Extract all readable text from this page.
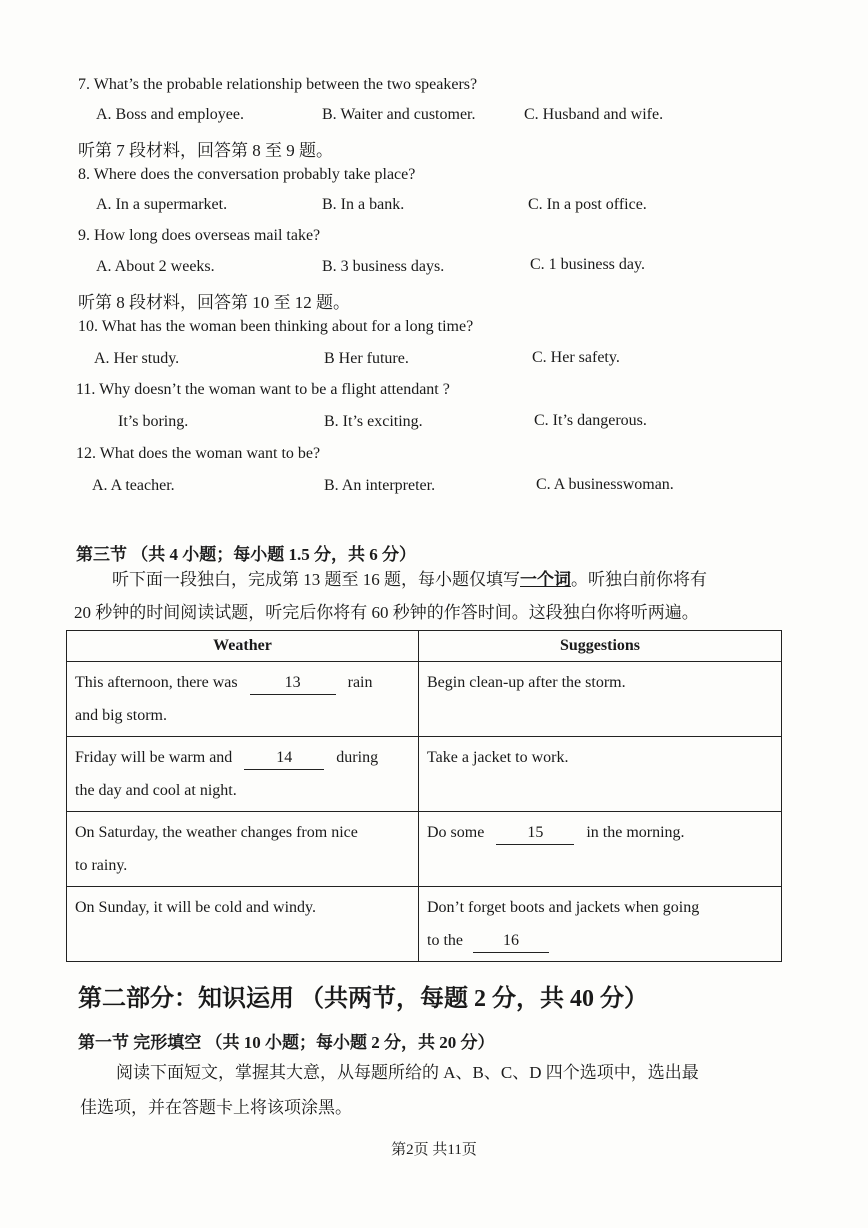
7. What’s the probable relationship between the two speakers?
A. Boss and employee.	B. Waiter and customer.	C. Husband and wife.
听第 7 段材料，回答第 8 至 9 题。
8. Where does the conversation probably take place?
A. In a supermarket.	B. In a bank.	C. In a post office.
9. How long does overseas mail take?
A. About 2 weeks.	B. 3 business days.	C. 1 business day.
听第 8 段材料，回答第 10 至 12 题。
10. What has the woman been thinking about for a long time?
A. Her study.	B Her future.	C. Her safety.
11. Why doesn’t the woman want to be a flight attendant ?
It’s boring.	B. It’s exciting.	C. It’s dangerous.
12. What does the woman want to be?
A. A teacher.	B. An interpreter.	C. A businesswoman.
第三节 （共 4 小题；每小题 1.5 分，共 6 分）
听下面一段独白，完成第 13 题至 16 题，每小题仅填写一个词。听独白前你将有
20 秒钟的时间阅读试题，听完后你将有 60 秒钟的作答时间。这段独白你将听两遍。
Weather	Suggestions
This afternoon, there was 13 rain
and big storm.	Begin clean-up after the storm.
Friday will be warm and 14 during
the day and cool at night.	Take a jacket to work.
On Saturday, the weather changes from nice
to rainy.	Do some 15 in the morning.
On Sunday, it will be cold and windy.	Don’t forget boots and jackets when going
to the 16
第二部分：知识运用 （共两节，每题 2 分，共 40 分）
第一节 完形填空 （共 10 小题；每小题 2 分，共 20 分）
阅读下面短文，掌握其大意，从每题所给的 A、B、C、D 四个选项中，选出最
佳选项，并在答题卡上将该项涂黑。
第2页 共11页
